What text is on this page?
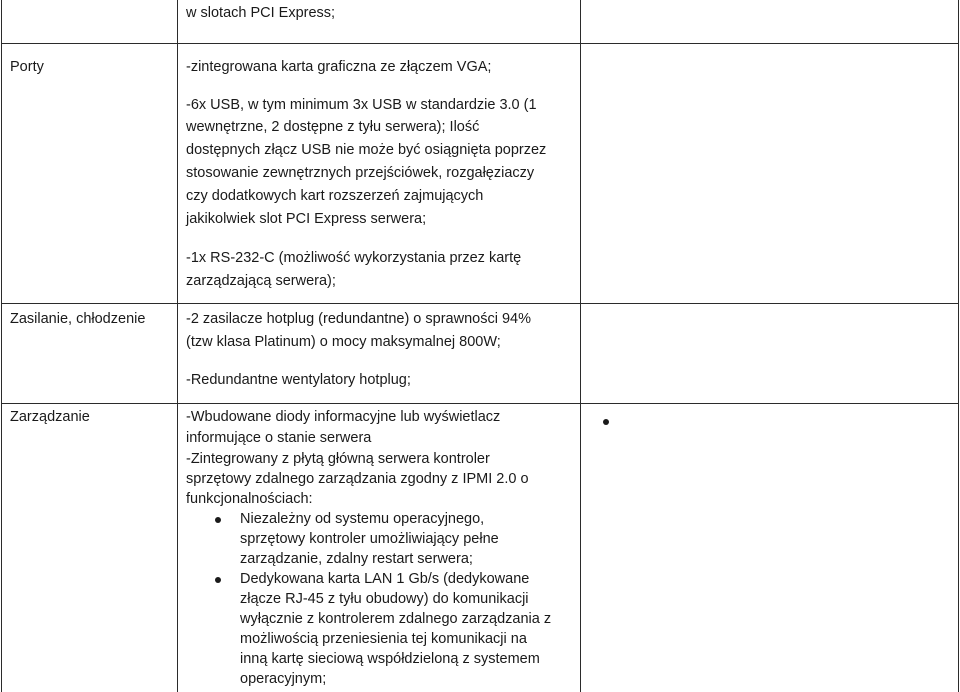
w slotach PCI Express;
Porty	-zintegrowana karta graficzna ze złączem VGA;
-6x USB, w tym minimum 3x USB w standardzie 3.0 (1
wewnętrzne, 2 dostępne z tyłu serwera); Ilość
dostępnych złącz USB nie może być osiągnięta poprzez
stosowanie zewnętrznych przejściówek, rozgałęziaczy
czy dodatkowych kart rozszerzeń zajmujących
jakikolwiek slot PCI Express serwera;
-1x RS-232-C (możliwość wykorzystania przez kartę
zarządzającą serwera);
Zasilanie, chłodzenie	-2 zasilacze hotplug (redundantne) o sprawności 94%
(tzw klasa Platinum) o mocy maksymalnej 800W;
-Redundantne wentylatory hotplug;
Zarządzanie	-Wbudowane diody informacyjne lub wyświetlacz
informujące o stanie serwera
-Zintegrowany z płytą główną serwera kontroler
sprzętowy zdalnego zarządzania zgodny z IPMI 2.0 o
funkcjonalnościach:
Niezależny od systemu operacyjnego,
sprzętowy kontroler umożliwiający pełne
zarządzanie, zdalny restart serwera;
Dedykowana karta LAN 1 Gb/s (dedykowane
złącze RJ-45 z tyłu obudowy) do komunikacji
wyłącznie z kontrolerem zdalnego zarządzania z
możliwością przeniesienia tej komunikacji na
inną kartę sieciową współdzieloną z systemem
operacyjnym;
